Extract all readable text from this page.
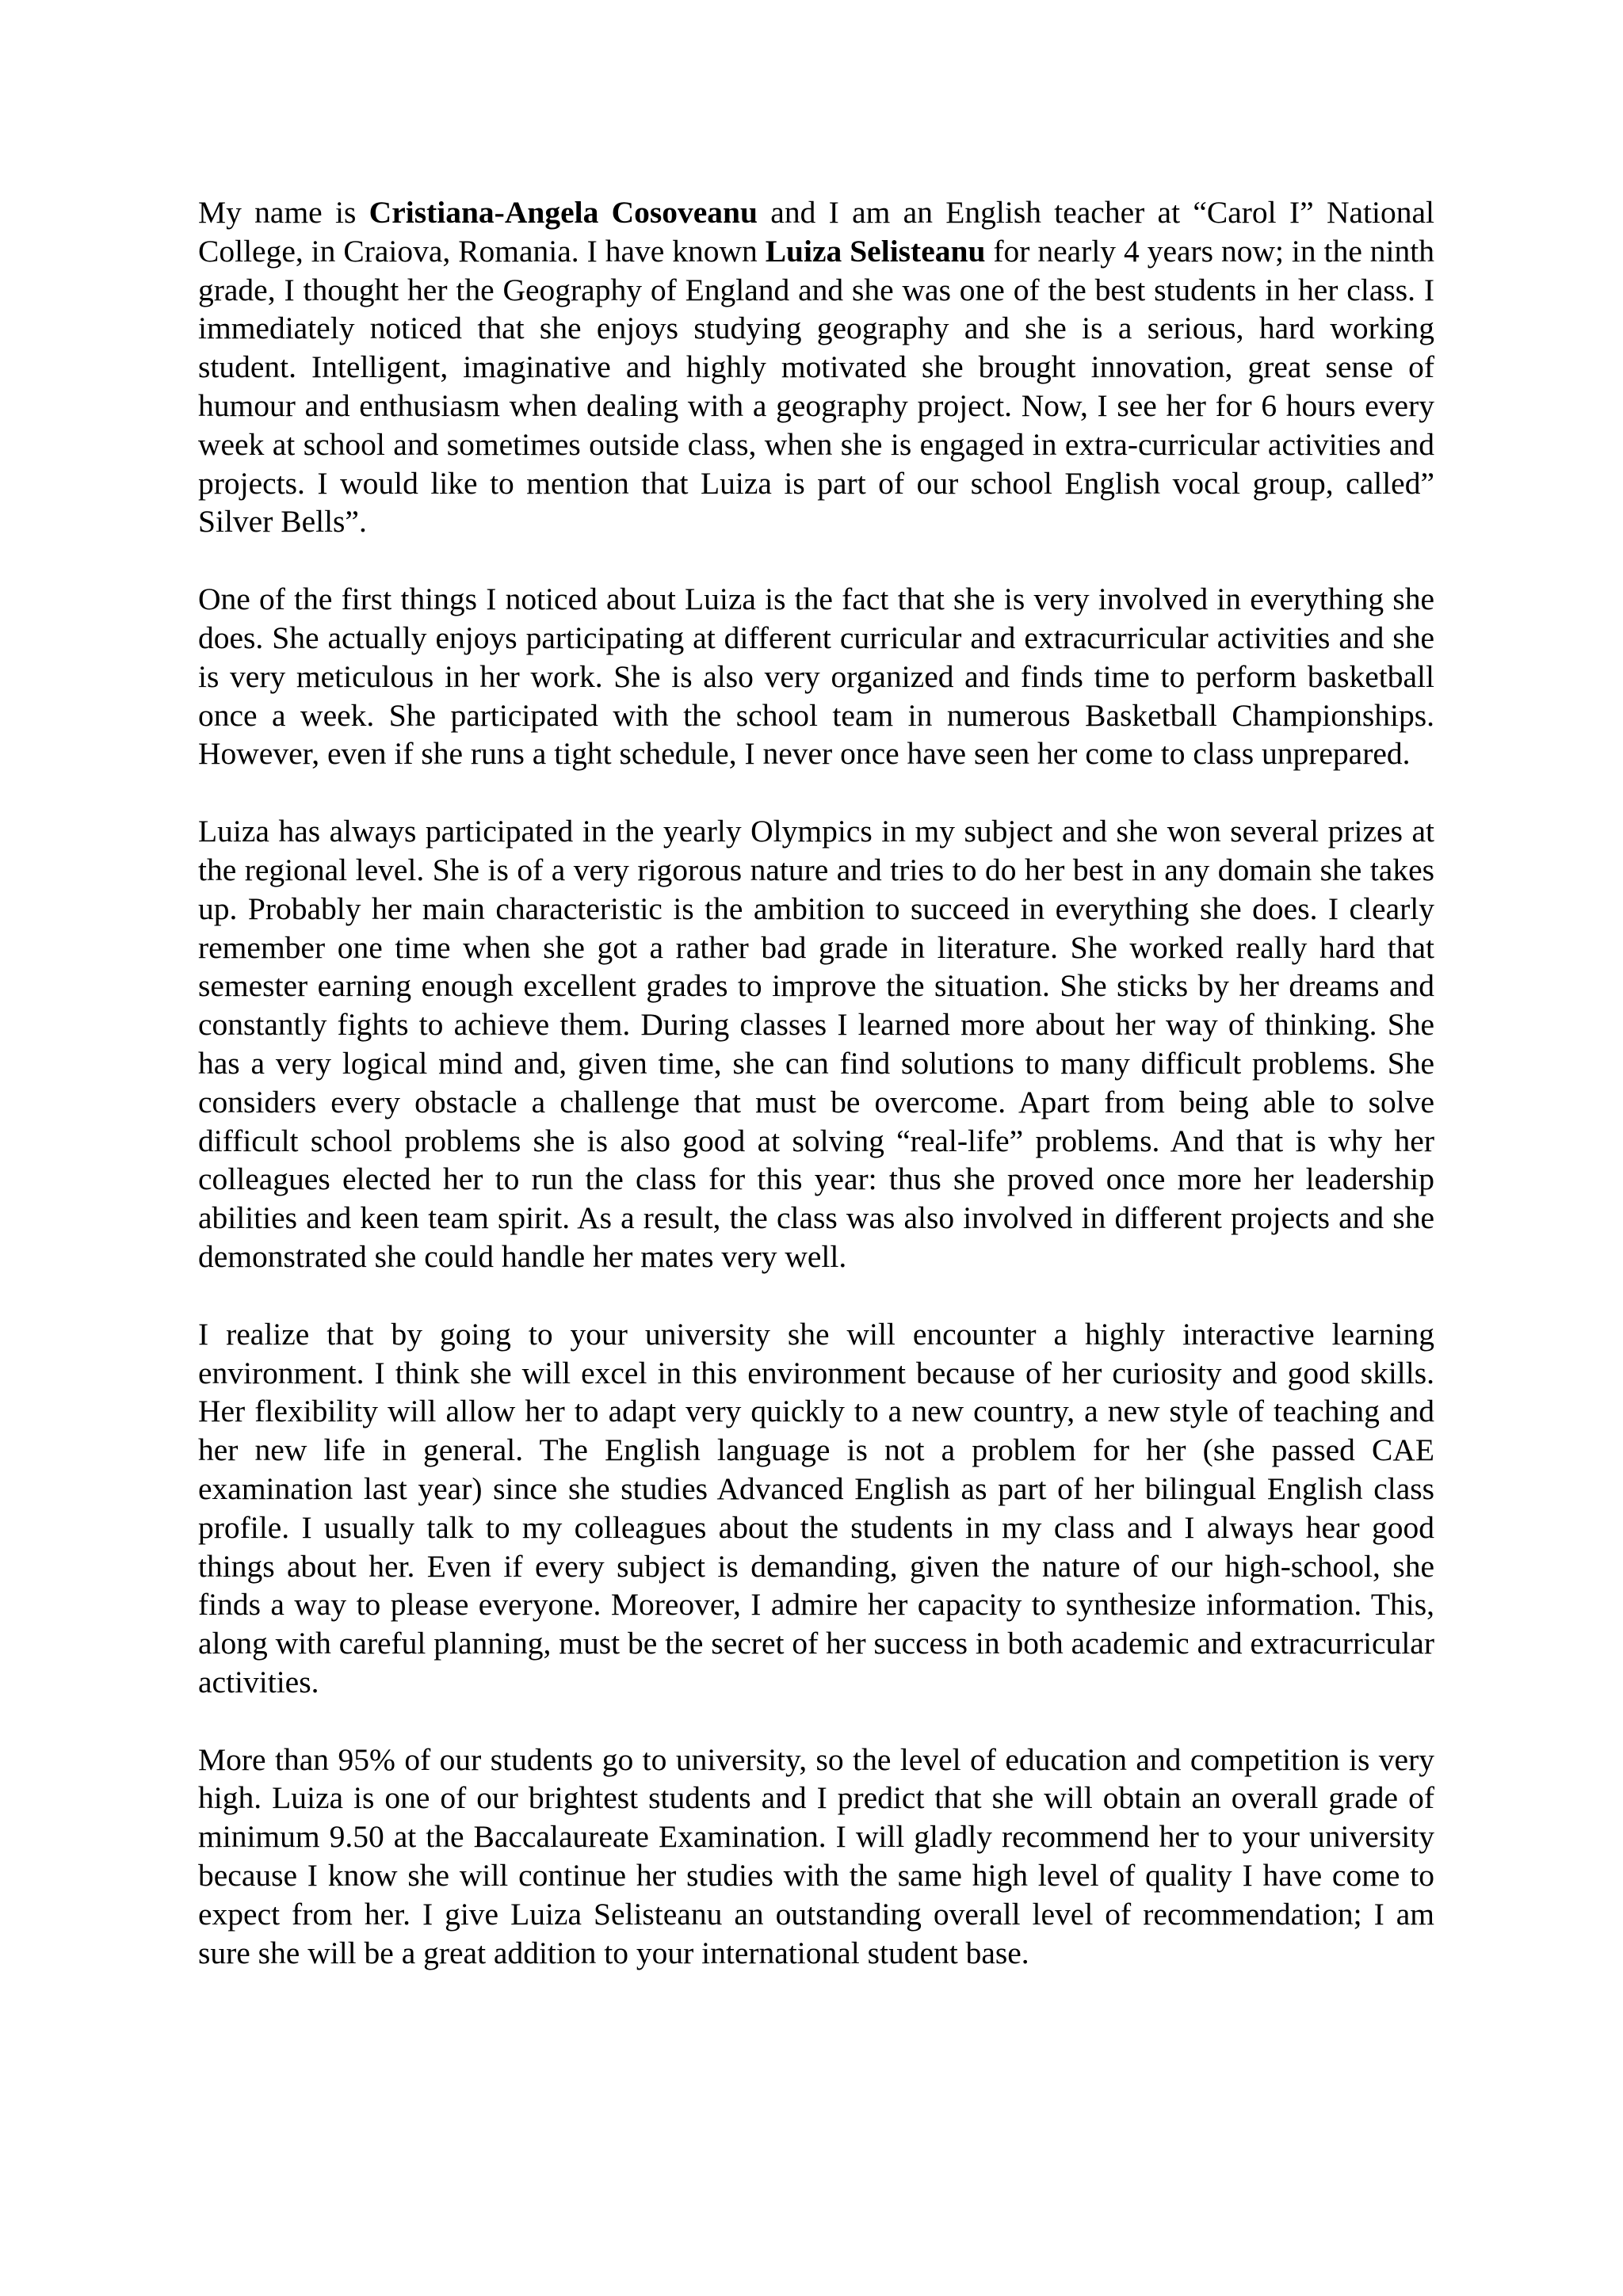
My name is Cristiana-Angela Cosoveanu and I am an English teacher at “Carol I” National College, in Craiova, Romania. I have known Luiza Selisteanu for nearly 4 years now; in the ninth grade, I thought her the Geography of England and she was one of the best students in her class. I immediately noticed that she enjoys studying geography and she is a serious, hard working student. Intelligent, imaginative and highly motivated she brought innovation, great sense of humour and enthusiasm when dealing with a geography project. Now, I see her for 6 hours every week at school and sometimes outside class, when she is engaged in extra-curricular activities and projects. I would like to mention that Luiza is part of our school English vocal group, called” Silver Bells”.

One of the first things I noticed about Luiza is the fact that she is very involved in everything she does. She actually enjoys participating at different curricular and extracurricular activities and she is very meticulous in her work. She is also very organized and finds time to perform basketball once a week. She participated with the school team in numerous Basketball Championships. However, even if she runs a tight schedule, I never once have seen her come to class unprepared.

Luiza has always participated in the yearly Olympics in my subject and she won several prizes at the regional level. She is of a very rigorous nature and tries to do her best in any domain she takes up. Probably her main characteristic is the ambition to succeed in everything she does. I clearly remember one time when she got a rather bad grade in literature. She worked really hard that semester earning enough excellent grades to improve the situation. She sticks by her dreams and constantly fights to achieve them. During classes I learned more about her way of thinking. She has a very logical mind and, given time, she can find solutions to many difficult problems. She considers every obstacle a challenge that must be overcome. Apart from being able to solve difficult school problems she is also good at solving “real-life” problems. And that is why her colleagues elected her to run the class for this year: thus she proved once more her leadership abilities and keen team spirit. As a result, the class was also involved in different projects and she demonstrated she could handle her mates very well.

I realize that by going to your university she will encounter a highly interactive learning environment. I think she will excel in this environment because of her curiosity and good skills. Her flexibility will allow her to adapt very quickly to a new country, a new style of teaching and her new life in general. The English language is not a problem for her (she passed CAE examination last year) since she studies Advanced English as part of her bilingual English class profile. I usually talk to my colleagues about the students in my class and I always hear good things about her. Even if every subject is demanding, given the nature of our high-school, she finds a way to please everyone. Moreover, I admire her capacity to synthesize information. This, along with careful planning, must be the secret of her success in both academic and extracurricular activities.

More than 95% of our students go to university, so the level of education and competition is very high. Luiza is one of our brightest students and I predict that she will obtain an overall grade of minimum 9.50 at the Baccalaureate Examination. I will gladly recommend her to your university because I know she will continue her studies with the same high level of quality I have come to expect from her. I give Luiza Selisteanu an outstanding overall level of recommendation; I am sure she will be a great addition to your international student base.
